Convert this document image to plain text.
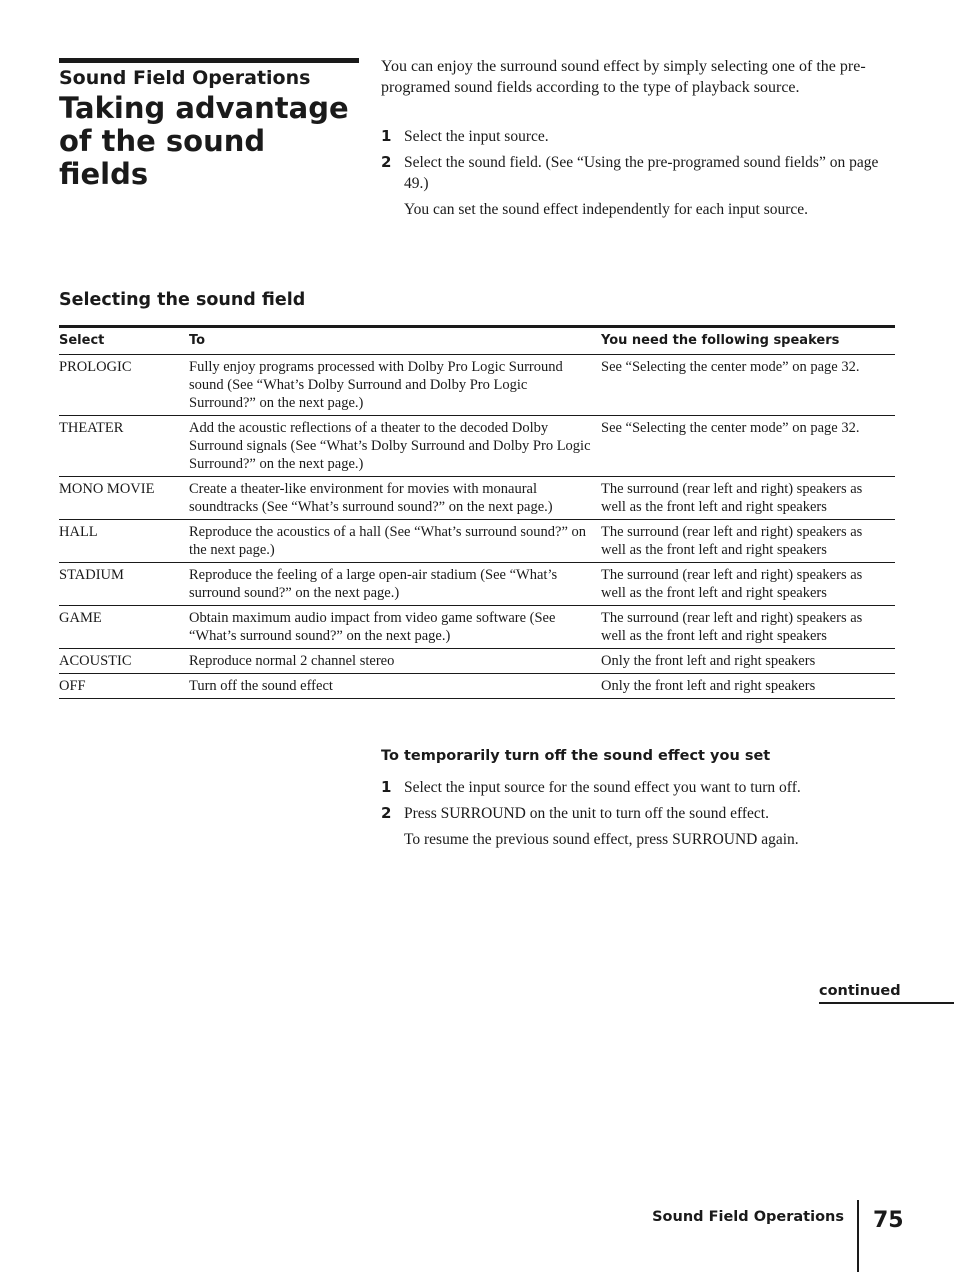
Sound Field Operations
Taking advantage of the sound fields

You can enjoy the surround sound effect by simply selecting one of the pre-programed sound fields according to the type of playback source.

1 Select the input source.
2 Select the sound field. (See “Using the pre-programed sound fields” on page 49.)

You can set the sound effect independently for each input source.

Selecting the sound field
Select	To	You need the following speakers
PROLOGIC	Fully enjoy programs processed with Dolby Pro Logic Surround sound (See “What’s Dolby Surround and Dolby Pro Logic Surround?” on the next page.)	See “Selecting the center mode” on page 32.
THEATER	Add the acoustic reflections of a theater to the decoded Dolby Surround signals (See “What’s Dolby Surround and Dolby Pro Logic Surround?” on the next page.)	See “Selecting the center mode” on page 32.
MONO MOVIE	Create a theater-like environment for movies with monaural soundtracks (See “What’s surround sound?” on the next page.)	The surround (rear left and right) speakers as well as the front left and right speakers
HALL	Reproduce the acoustics of a hall (See “What’s surround sound?” on the next page.)	The surround (rear left and right) speakers as well as the front left and right speakers
STADIUM	Reproduce the feeling of a large open-air stadium (See “What’s surround sound?” on the next page.)	The surround (rear left and right) speakers as well as the front left and right speakers
GAME	Obtain maximum audio impact from video game software (See “What’s surround sound?” on the next page.)	The surround (rear left and right) speakers as well as the front left and right speakers
ACOUSTIC	Reproduce normal 2 channel stereo	Only the front left and right speakers
OFF	Turn off the sound effect	Only the front left and right speakers
To temporarily turn off the sound effect you set
1 Select the input source for the sound effect you want to turn off.
2 Press SURROUND on the unit to turn off the sound effect.

To resume the previous sound effect, press SURROUND again.

continued
Sound Field Operations 75
